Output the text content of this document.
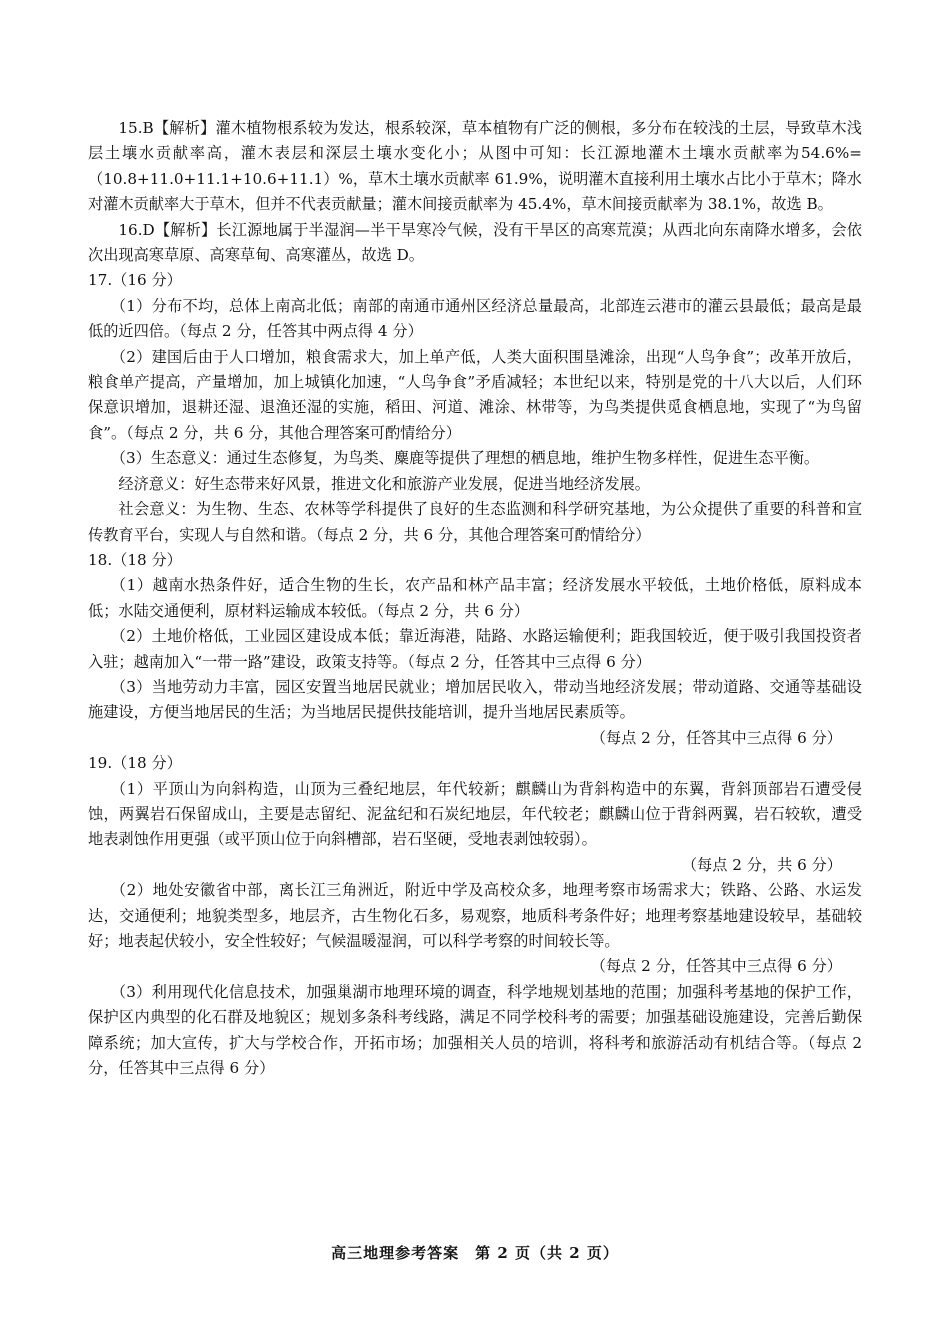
15.B【解析】灌木植物根系较为发达，根系较深，草本植物有广泛的侧根，多分布在较浅的土层，导致草木浅层土壤水贡献率高，灌木表层和深层土壤水变化小；从图中可知：长江源地灌木土壤水贡献率为54.6%=（10.8+11.0+11.1+10.6+11.1）%，草木土壤水贡献率 61.9%，说明灌木直接利用土壤水占比小于草木；降水对灌木贡献率大于草木，但并不代表贡献量；灌木间接贡献率为 45.4%，草木间接贡献率为 38.1%，故选 B。

16.D【解析】长江源地属于半湿润—半干旱寒冷气候，没有干旱区的高寒荒漠；从西北向东南降水增多，会依次出现高寒草原、高寒草甸、高寒灌丛，故选 D。

17.（16 分）

（1）分布不均，总体上南高北低；南部的南通市通州区经济总量最高，北部连云港市的灌云县最低；最高是最低的近四倍。（每点 2 分，任答其中两点得 4 分）

（2）建国后由于人口增加，粮食需求大，加上单产低，人类大面积围垦滩涂，出现“人鸟争食”；改革开放后，粮食单产提高，产量增加，加上城镇化加速，“人鸟争食”矛盾减轻；本世纪以来，特别是党的十八大以后，人们环保意识增加，退耕还湿、退渔还湿的实施，稻田、河道、滩涂、林带等，为鸟类提供觅食栖息地，实现了“为鸟留食”。（每点 2 分，共 6 分，其他合理答案可酌情给分）

（3）生态意义：通过生态修复，为鸟类、麋鹿等提供了理想的栖息地，维护生物多样性，促进生态平衡。

经济意义：好生态带来好风景，推进文化和旅游产业发展，促进当地经济发展。

社会意义：为生物、生态、农林等学科提供了良好的生态监测和科学研究基地，为公众提供了重要的科普和宣传教育平台，实现人与自然和谐。（每点 2 分，共 6 分，其他合理答案可酌情给分）

18.（18 分）

（1）越南水热条件好，适合生物的生长，农产品和林产品丰富；经济发展水平较低，土地价格低，原料成本低；水陆交通便利，原材料运输成本较低。（每点 2 分，共 6 分）

（2）土地价格低，工业园区建设成本低；靠近海港，陆路、水路运输便利；距我国较近，便于吸引我国投资者入驻；越南加入“一带一路”建设，政策支持等。（每点 2 分，任答其中三点得 6 分）

（3）当地劳动力丰富，园区安置当地居民就业；增加居民收入，带动当地经济发展；带动道路、交通等基础设施建设，方便当地居民的生活；为当地居民提供技能培训，提升当地居民素质等。

（每点 2 分，任答其中三点得 6 分）

19.（18 分）

（1）平顶山为向斜构造，山顶为三叠纪地层，年代较新；麒麟山为背斜构造中的东翼，背斜顶部岩石遭受侵蚀，两翼岩石保留成山，主要是志留纪、泥盆纪和石炭纪地层，年代较老；麒麟山位于背斜两翼，岩石较软，遭受地表剥蚀作用更强（或平顶山位于向斜槽部，岩石坚硬，受地表剥蚀较弱）。

（每点 2 分，共 6 分）

（2）地处安徽省中部，离长江三角洲近，附近中学及高校众多，地理考察市场需求大；铁路、公路、水运发达，交通便利；地貌类型多，地层齐，古生物化石多，易观察，地质科考条件好；地理考察基地建设较早，基础较好；地表起伏较小，安全性较好；气候温暖湿润，可以科学考察的时间较长等。

（每点 2 分，任答其中三点得 6 分）

（3）利用现代化信息技术，加强巢湖市地理环境的调查，科学地规划基地的范围；加强科考基地的保护工作，保护区内典型的化石群及地貌区；规划多条科考线路，满足不同学校科考的需要；加强基础设施建设，完善后勤保障系统；加大宣传，扩大与学校合作，开拓市场；加强相关人员的培训，将科考和旅游活动有机结合等。（每点 2 分，任答其中三点得 6 分）

高三地理参考答案　第 2 页（共 2 页）
